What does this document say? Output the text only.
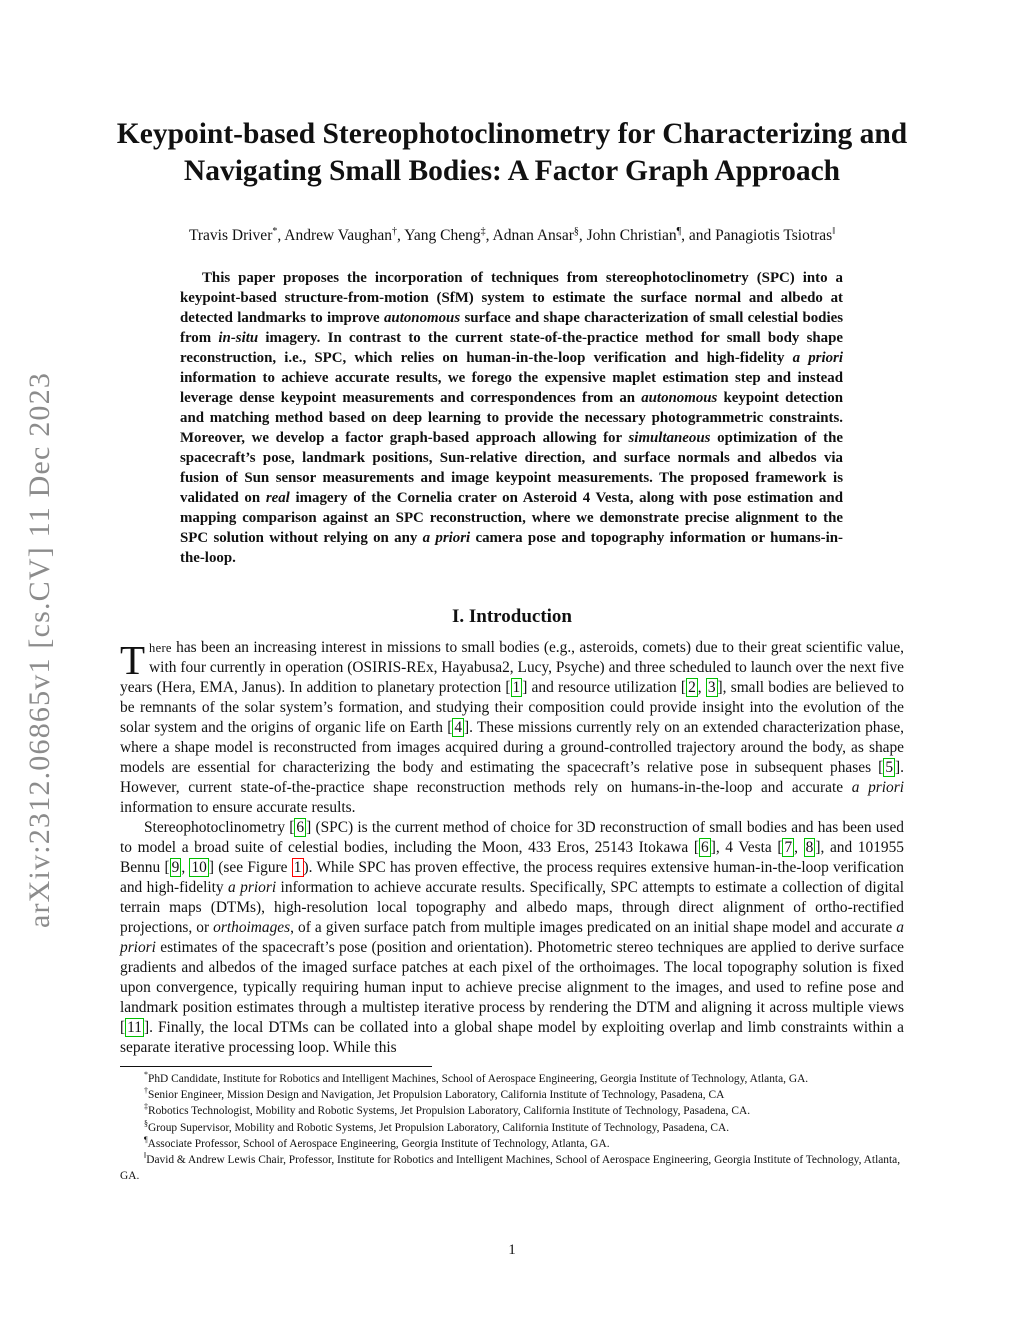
arXiv:2312.06865v1 [cs.CV] 11 Dec 2023
Keypoint-based Stereophotoclinometry for Characterizing and
Navigating Small Bodies: A Factor Graph Approach
Travis Driver*, Andrew Vaughan†, Yang Cheng‡, Adnan Ansar§, John Christian¶, and Panagiotis Tsiotras‖

This paper proposes the incorporation of techniques from stereophotoclinometry (SPC) into a keypoint-based structure-from-motion (SfM) system to estimate the surface normal and albedo at detected landmarks to improve autonomous surface and shape characterization of small celestial bodies from in-situ imagery. In contrast to the current state-of-the-practice method for small body shape reconstruction, i.e., SPC, which relies on human-in-the-loop verification and high-fidelity a priori information to achieve accurate results, we forego the expensive maplet estimation step and instead leverage dense keypoint measurements and correspondences from an autonomous keypoint detection and matching method based on deep learning to provide the necessary photogrammetric constraints. Moreover, we develop a factor graph-based approach allowing for simultaneous optimization of the spacecraft’s pose, landmark positions, Sun-relative direction, and surface normals and albedos via fusion of Sun sensor measurements and image keypoint measurements. The proposed framework is validated on real imagery of the Cornelia crater on Asteroid 4 Vesta, along with pose estimation and mapping comparison against an SPC reconstruction, where we demonstrate precise alignment to the SPC solution without relying on any a priori camera pose and topography information or humans-in-the-loop.

I. Introduction

There has been an increasing interest in missions to small bodies (e.g., asteroids, comets) due to their great scientific value, with four currently in operation (OSIRIS-REx, Hayabusa2, Lucy, Psyche) and three scheduled to launch over the next five years (Hera, EMA, Janus). In addition to planetary protection [ 1 ] and resource utilization [ 2 , 3 ], small bodies are believed to be remnants of the solar system’s formation, and studying their composition could provide insight into the evolution of the solar system and the origins of organic life on Earth [ 4 ]. These missions currently rely on an extended characterization phase, where a shape model is reconstructed from images acquired during a ground-controlled trajectory around the body, as shape models are essential for characterizing the body and estimating the spacecraft’s relative pose in subsequent phases [ 5 ]. However, current state-of-the-practice shape reconstruction methods rely on humans-in-the-loop and accurate a priori information to ensure accurate results.

Stereophotoclinometry [ 6 ] (SPC) is the current method of choice for 3D reconstruction of small bodies and has been used to model a broad suite of celestial bodies, including the Moon, 433 Eros, 25143 Itokawa [ 6 ], 4 Vesta [ 7 , 8 ], and 101955 Bennu [ 9 , 10 ] (see Figure 1 ). While SPC has proven effective, the process requires extensive human-in-the-loop verification and high-fidelity a priori information to achieve accurate results. Specifically, SPC attempts to estimate a collection of digital terrain maps (DTMs), high-resolution local topography and albedo maps, through direct alignment of ortho-rectified projections, or orthoimages, of a given surface patch from multiple images predicated on an initial shape model and accurate a priori estimates of the spacecraft’s pose (position and orientation). Photometric stereo techniques are applied to derive surface gradients and albedos of the imaged surface patches at each pixel of the orthoimages. The local topography solution is fixed upon convergence, typically requiring human input to achieve precise alignment to the images, and used to refine pose and landmark position estimates through a multistep iterative process by rendering the DTM and aligning it across multiple views [ 11 ]. Finally, the local DTMs can be collated into a global shape model by exploiting overlap and limb constraints within a separate iterative processing loop. While this

*PhD Candidate, Institute for Robotics and Intelligent Machines, School of Aerospace Engineering, Georgia Institute of Technology, Atlanta, GA.

†Senior Engineer, Mission Design and Navigation, Jet Propulsion Laboratory, California Institute of Technology, Pasadena, CA

‡Robotics Technologist, Mobility and Robotic Systems, Jet Propulsion Laboratory, California Institute of Technology, Pasadena, CA.

§Group Supervisor, Mobility and Robotic Systems, Jet Propulsion Laboratory, California Institute of Technology, Pasadena, CA.

¶Associate Professor, School of Aerospace Engineering, Georgia Institute of Technology, Atlanta, GA.

‖David & Andrew Lewis Chair, Professor, Institute for Robotics and Intelligent Machines, School of Aerospace Engineering, Georgia Institute of Technology, Atlanta, GA.

1
